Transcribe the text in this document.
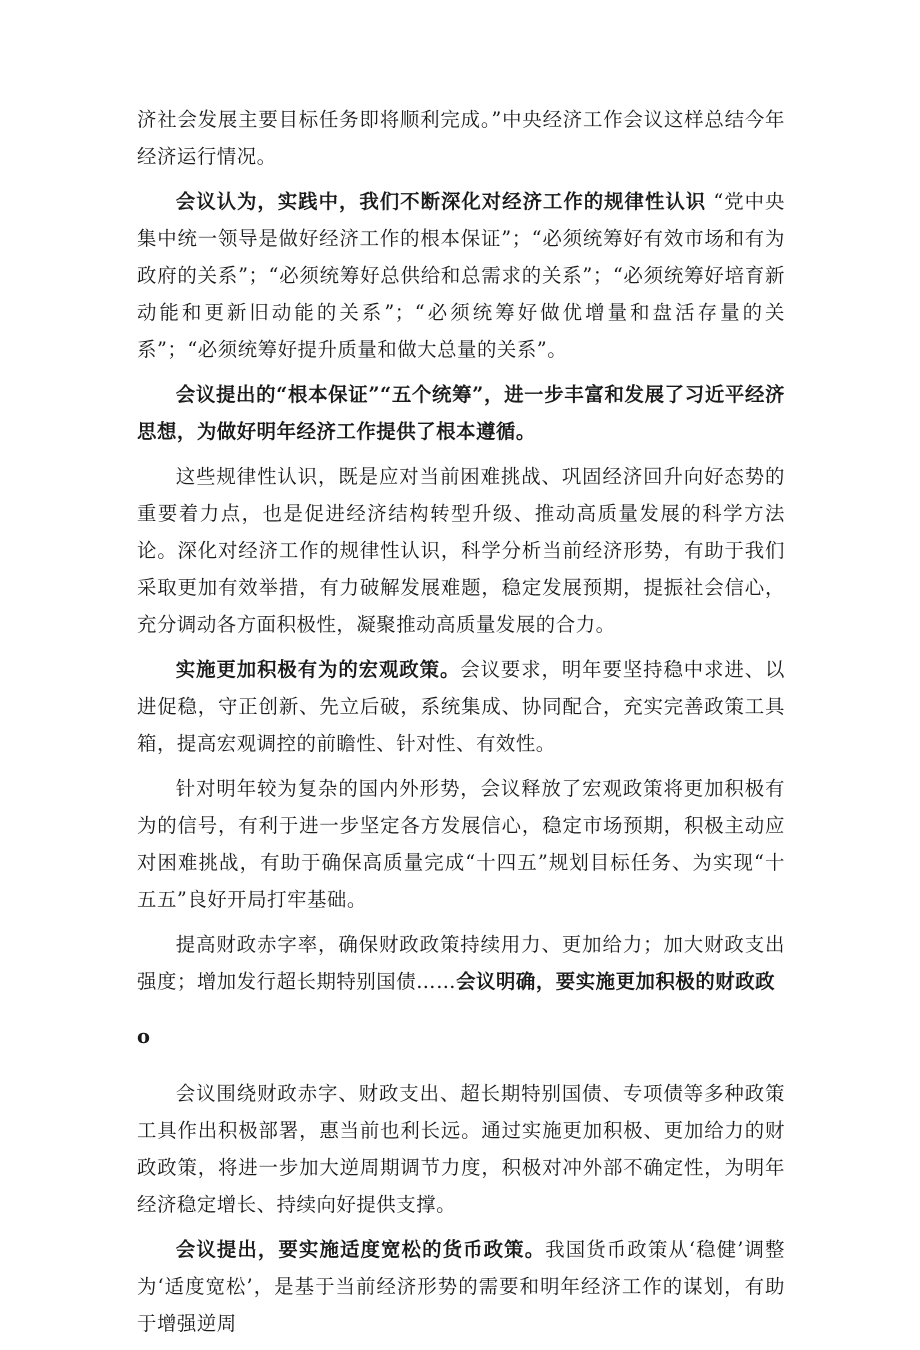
济社会发展主要目标任务即将顺利完成。”中央经济工作会议这样总结今年经济运行情况。

会议认为，实践中，我们不断深化对经济工作的规律性认识 “党中央集中统一领导是做好经济工作的根本保证”；“必须统筹好有效市场和有为政府的关系”；“必须统筹好总供给和总需求的关系”；“必须统筹好培育新动能和更新旧动能的关系”；“必须统筹好做优增量和盘活存量的关系”；“必须统筹好提升质量和做大总量的关系”。

会议提出的“根本保证”“五个统筹”，进一步丰富和发展了习近平经济思想，为做好明年经济工作提供了根本遵循。

这些规律性认识，既是应对当前困难挑战、巩固经济回升向好态势的重要着力点，也是促进经济结构转型升级、推动高质量发展的科学方法论。深化对经济工作的规律性认识，科学分析当前经济形势，有助于我们采取更加有效举措，有力破解发展难题，稳定发展预期，提振社会信心，充分调动各方面积极性，凝聚推动高质量发展的合力。

实施更加积极有为的宏观政策。会议要求，明年要坚持稳中求进、以进促稳，守正创新、先立后破，系统集成、协同配合，充实完善政策工具箱，提高宏观调控的前瞻性、针对性、有效性。

针对明年较为复杂的国内外形势，会议释放了宏观政策将更加积极有为的信号，有利于进一步坚定各方发展信心，稳定市场预期，积极主动应对困难挑战，有助于确保高质量完成“十四五”规划目标任务、为实现“十五五”良好开局打牢基础。

提高财政赤字率，确保财政政策持续用力、更加给力；加大财政支出强度；增加发行超长期特别国债……会议明确，要实施更加积极的财政政

o

会议围绕财政赤字、财政支出、超长期特别国债、专项债等多种政策工具作出积极部署，惠当前也利长远。通过实施更加积极、更加给力的财政政策，将进一步加大逆周期调节力度，积极对冲外部不确定性，为明年经济稳定增长、持续向好提供支撑。

会议提出，要实施适度宽松的货币政策。我国货币政策从‘稳健’调整为‘适度宽松’，是基于当前经济形势的需要和明年经济工作的谋划，有助于增强逆周
